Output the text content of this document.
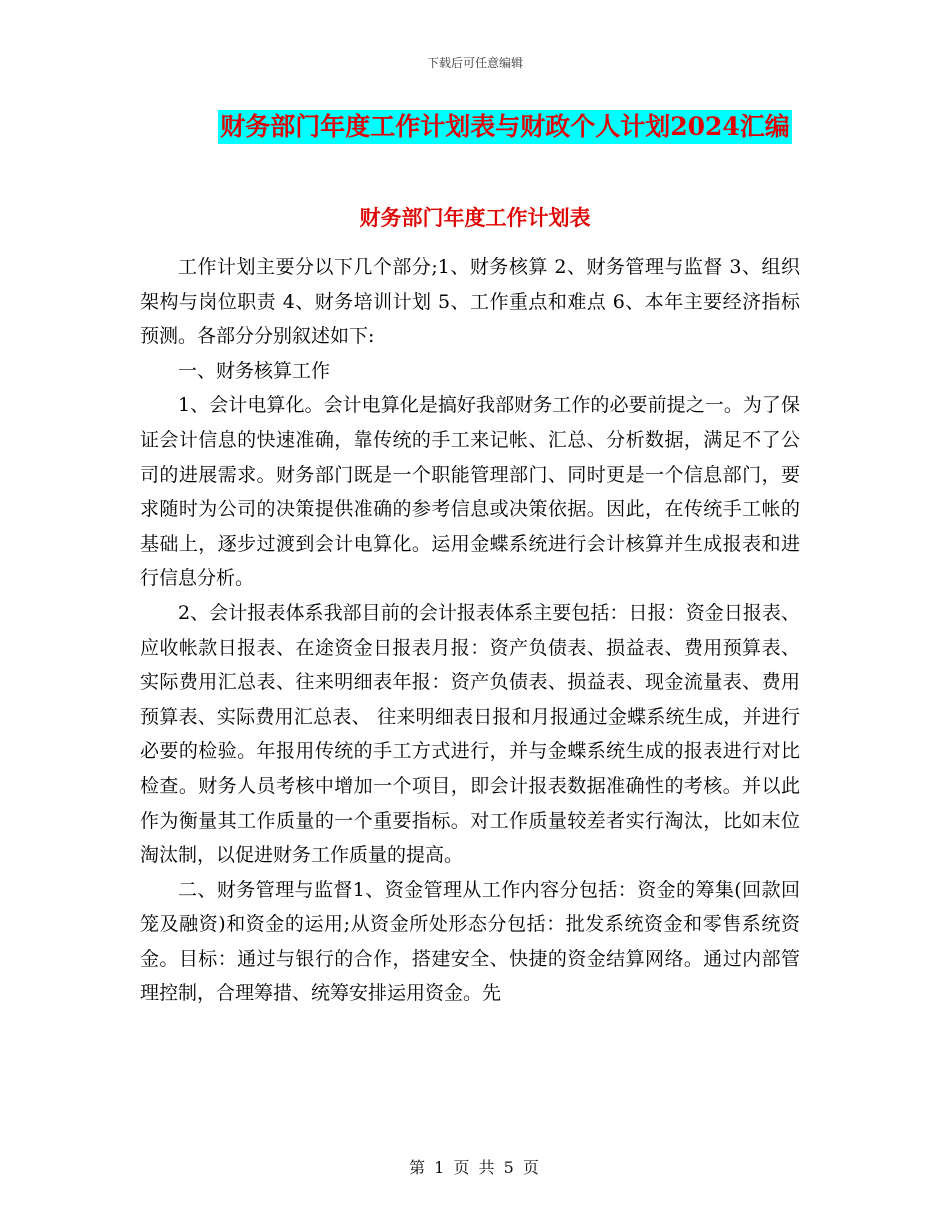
下载后可任意编辑
财务部门年度工作计划表与财政个人计划2024汇编
财务部门年度工作计划表

工作计划主要分以下几个部分;1、财务核算 2、财务管理与监督 3、组织架构与岗位职责 4、财务培训计划 5、工作重点和难点 6、本年主要经济指标预测。各部分分别叙述如下:

一、财务核算工作

1、会计电算化。会计电算化是搞好我部财务工作的必要前提之一。为了保证会计信息的快速准确，靠传统的手工来记帐、汇总、分析数据，满足不了公司的进展需求。财务部门既是一个职能管理部门、同时更是一个信息部门，要求随时为公司的决策提供准确的参考信息或决策依据。因此，在传统手工帐的基础上，逐步过渡到会计电算化。运用金蝶系统进行会计核算并生成报表和进行信息分析。

2、会计报表体系我部目前的会计报表体系主要包括：日报：资金日报表、应收帐款日报表、在途资金日报表月报：资产负债表、损益表、费用预算表、实际费用汇总表、往来明细表年报：资产负债表、损益表、现金流量表、费用预算表、实际费用汇总表、 往来明细表日报和月报通过金蝶系统生成，并进行必要的检验。年报用传统的手工方式进行，并与金蝶系统生成的报表进行对比检查。财务人员考核中增加一个项目，即会计报表数据准确性的考核。并以此作为衡量其工作质量的一个重要指标。对工作质量较差者实行淘汰，比如末位淘汰制，以促进财务工作质量的提高。

二、财务管理与监督1、资金管理从工作内容分包括：资金的筹集(回款回笼及融资)和资金的运用;从资金所处形态分包括：批发系统资金和零售系统资金。目标：通过与银行的合作，搭建安全、快捷的资金结算网络。通过内部管理控制，合理筹措、统筹安排运用资金。先

第 1 页 共 5 页
